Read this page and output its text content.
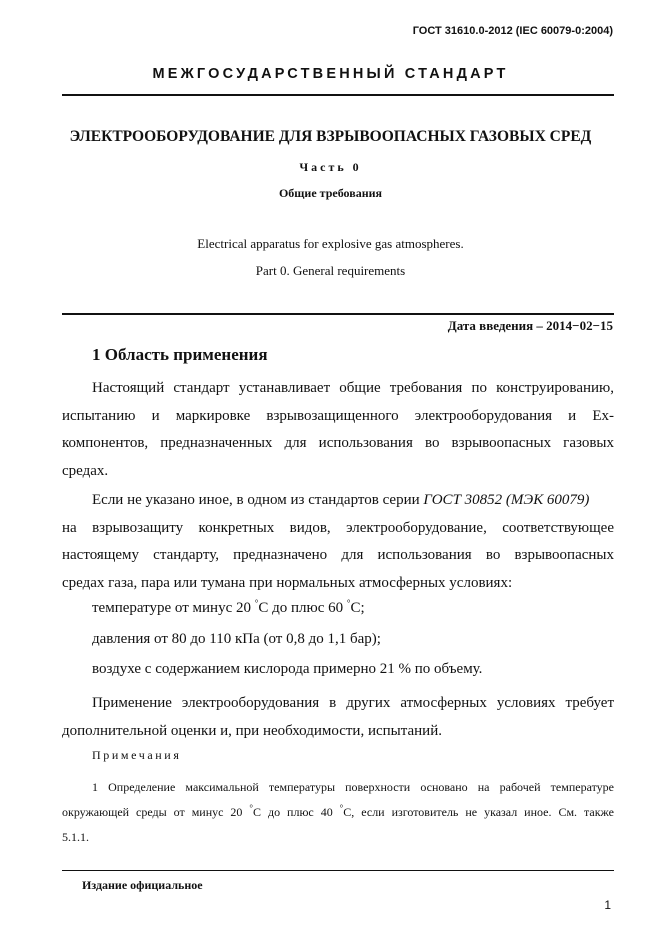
ГОСТ 31610.0-2012 (IEC 60079-0:2004)
МЕЖГОСУДАРСТВЕННЫЙ СТАНДАРТ
ЭЛЕКТРООБОРУДОВАНИЕ ДЛЯ ВЗРЫВООПАСНЫХ ГАЗОВЫХ СРЕД
Часть 0
Общие требования
Electrical apparatus for explosive gas atmospheres.
Part 0. General requirements
Дата введения – 2014−02−15
1 Область применения
Настоящий стандарт устанавливает общие требования по конструированию,
испытанию и маркировке взрывозащищенного электрооборудования и Ex-
компонентов, предназначенных для использования во взрывоопасных газовых
средах.
Если не указано иное, в одном из стандартов серии ГОСТ 30852 (МЭК 60079)
на взрывозащиту конкретных видов, электрооборудование, соответствующее
настоящему стандарту, предназначено для использования во взрывоопасных
средах газа, пара или тумана при нормальных атмосферных условиях:
температуре от минус 20 °С до плюс 60 °С;
давления от 80 до 110 кПа (от 0,8 до 1,1 бар);
воздухе с содержанием кислорода примерно 21 % по объему.
Применение электрооборудования в других атмосферных условиях требует
дополнительной оценки и, при необходимости, испытаний.
Примечания
1 Определение максимальной температуры поверхности основано на рабочей температуре
окружающей среды от минус 20 °С до плюс 40 °С, если изготовитель не указал иное. См. также
5.1.1.
Издание официальное
1
